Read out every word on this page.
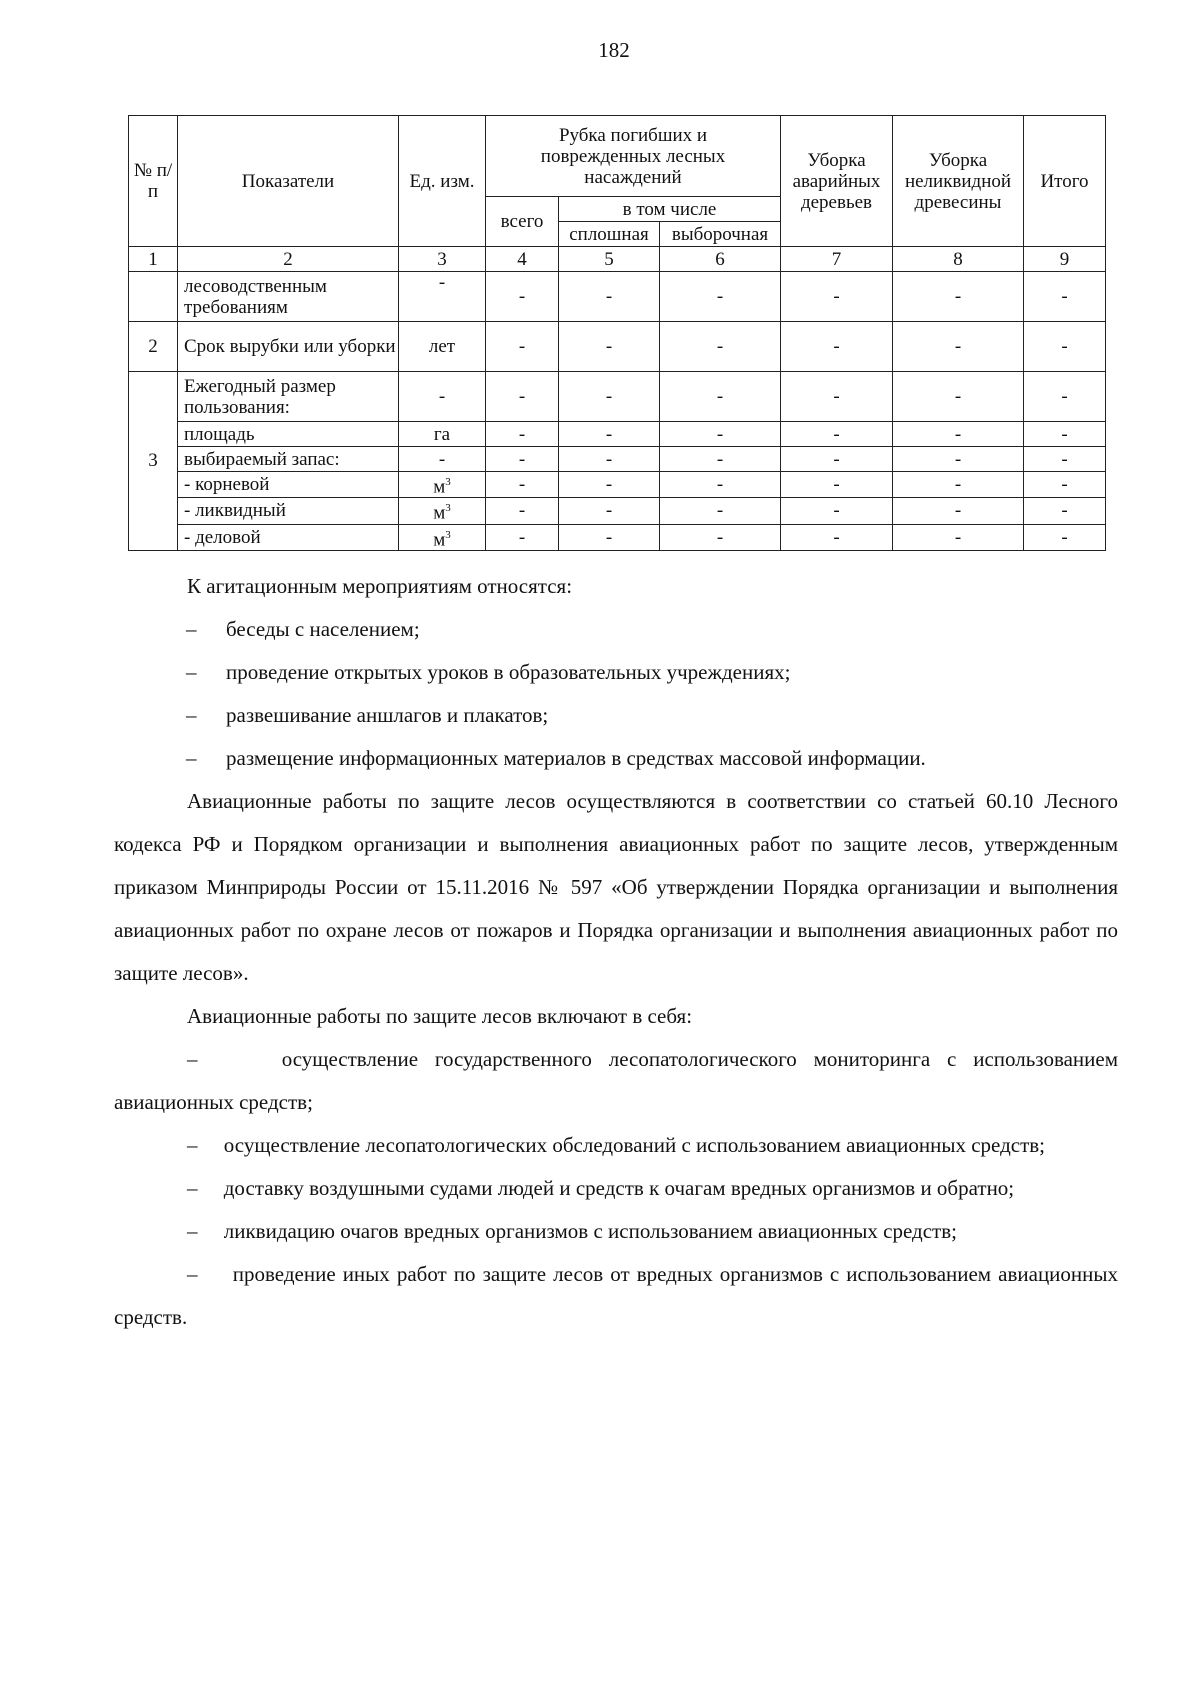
182
№ п/п	Показатели	Ед. изм.	Рубка погибших и поврежденных лесных насаждений			Уборка аварийных деревьев	Уборка неликвидной древесины	Итого
			всего	в том числе				
				сплошная	выборочная			
1	2	3	4	5	6	7	8	9
	лесоводственным требованиям	-	-	-	-	-	-	-
2	Срок вырубки или уборки	лет	-	-	-	-	-	-
3	Ежегодный размер пользования:	-	-	-	-	-	-	-
	площадь	га	-	-	-	-	-	-
	выбираемый запас:	-	-	-	-	-	-	-
	- корневой	$м^3$	-	-	-	-	-	-
	- ликвидный	$м^3$	-	-	-	-	-	-
	- деловой	$м^3$	-	-	-	-	-	-

К агитационным мероприятиям относятся:

– беседы с населением;

– проведение открытых уроков в образовательных учреждениях;

– развешивание аншлагов и плакатов;

– размещение информационных материалов в средствах массовой информации.

Авиационные работы по защите лесов осуществляются в соответствии со статьей 60.10 Лесного кодекса РФ и Порядком организации и выполнения авиационных работ по защите лесов, утвержденным приказом Минприроды России от 15.11.2016 № 597 «Об утверждении Порядка организации и выполнения авиационных работ по охране лесов от пожаров и Порядка организации и выполнения авиационных работ по защите лесов».

Авиационные работы по защите лесов включают в себя:

–	осуществление государственного лесопатологического мониторинга с использованием авиационных средств;

– осуществление лесопатологических обследований с использованием авиационных средств;

– доставку воздушными судами людей и средств к очагам вредных организмов и обратно;

– ликвидацию очагов вредных организмов с использованием авиационных средств;

– проведение иных работ по защите лесов от вредных организмов с использованием авиационных средств.
